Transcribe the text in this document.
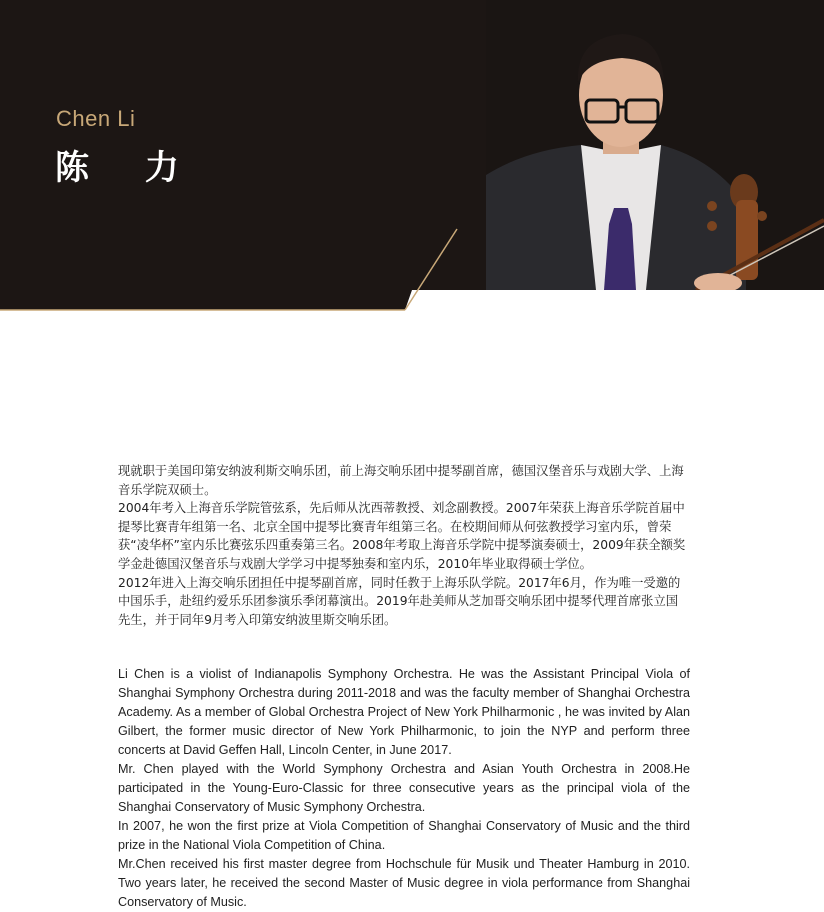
Chen Li
陈 力

现就职于美国印第安纳波利斯交响乐团，前上海交响乐团中提琴副首席，德国汉堡音乐与戏剧大学、上海音乐学院双硕士。

2004年考入上海音乐学院管弦系，先后师从沈西蒂教授、刘念副教授。2007年荣获上海音乐学院首届中提琴比赛青年组第一名、北京全国中提琴比赛青年组第三名。在校期间师从何弦教授学习室内乐，曾荣获“凌华杯”室内乐比赛弦乐四重奏第三名。2008年考取上海音乐学院中提琴演奏硕士，2009年获全额奖学金赴德国汉堡音乐与戏剧大学学习中提琴独奏和室内乐，2010年毕业取得硕士学位。

2012年进入上海交响乐团担任中提琴副首席，同时任教于上海乐队学院。2017年6月，作为唯一受邀的中国乐手，赴纽约爱乐乐团参演乐季闭幕演出。2019年赴美师从芝加哥交响乐团中提琴代理首席张立国先生，并于同年9月考入印第安纳波里斯交响乐团。

Li Chen is a violist of Indianapolis Symphony Orchestra. He was the Assistant Principal Viola of Shanghai Symphony Orchestra during 2011-2018 and was the faculty member of Shanghai Orchestra Academy. As a member of Global Orchestra Project of New York Philharmonic , he was invited by Alan Gilbert, the former music director of New York Philharmonic, to join the NYP and perform three concerts at David Geffen Hall, Lincoln Center, in June 2017.

Mr. Chen played with the World Symphony Orchestra and Asian Youth Orchestra in 2008.He participated in the Young-Euro-Classic for three consecutive years as the principal viola of the Shanghai Conservatory of Music Symphony Orchestra.

In 2007, he won the first prize at Viola Competition of Shanghai Conservatory of Music and the third prize in the National Viola Competition of China.

Mr.Chen received his first master degree from Hochschule für Musik und Theater Hamburg in 2010. Two years later, he received the second Master of Music degree in viola performance from Shanghai Conservatory of Music.
